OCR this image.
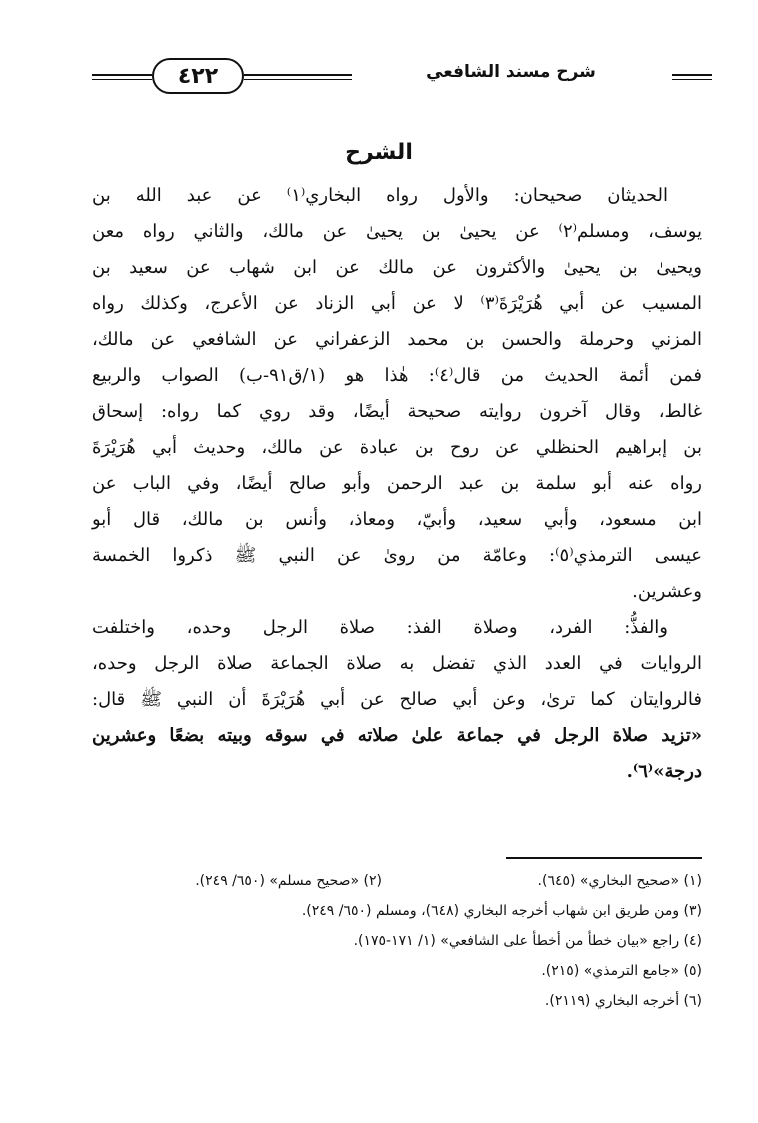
٤٢٢	شرح مسند الشافعي
الشرح
الحديثان صحيحان: والأول رواه البخاري⁽١⁾ عن عبد الله بن
يوسف، ومسلم⁽٢⁾ عن يحيىٰ بن يحيىٰ عن مالك، والثاني رواه معن
ويحيىٰ بن يحيىٰ والأكثرون عن مالك عن ابن شهاب عن سعيد بن
المسيب عن أبي هُرَيْرَةَ⁽٣⁾ لا عن أبي الزناد عن الأعرج، وكذلك رواه
المزني وحرملة والحسن بن محمد الزعفراني عن الشافعي عن مالك،
فمن أئمة الحديث من قال⁽٤⁾: هٰذا هو (١/ق٩١-ب) الصواب والربيع
غالط، وقال آخرون روايته صحيحة أيضًا، وقد روي كما رواه: إسحاق
بن إبراهيم الحنظلي عن روح بن عبادة عن مالك، وحديث أبي هُرَيْرَةَ
رواه عنه أبو سلمة بن عبد الرحمن وأبو صالح أيضًا، وفي الباب عن
ابن مسعود، وأبي سعيد، وأبيّ، ومعاذ، وأنس بن مالك، قال أبو
عيسى الترمذي⁽٥⁾: وعامّة من روىٰ عن النبي ﷺ ذكروا الخمسة
وعشرين.
والفذُّ: الفرد، وصلاة الفذ: صلاة الرجل وحده، واختلفت
الروايات في العدد الذي تفضل به صلاة الجماعة صلاة الرجل وحده،
فالروايتان كما ترىٰ، وعن أبي صالح عن أبي هُرَيْرَةَ أن النبي ﷺ قال:
«تزيد صلاة الرجل في جماعة علىٰ صلاته في سوقه وبيته بضعًا وعشرين
درجة»⁽٦⁾.
(١) «صحيح البخاري» (٦٤٥).
(٢) «صحيح مسلم» (٦٥٠/ ٢٤٩).
(٣) ومن طريق ابن شهاب أخرجه البخاري (٦٤٨)، ومسلم (٦٥٠/ ٢٤٩).
(٤) راجع «بيان خطأ من أخطأ على الشافعي» (١/ ١٧١-١٧٥).
(٥) «جامع الترمذي» (٢١٥).
(٦) أخرجه البخاري (٢١١٩).
